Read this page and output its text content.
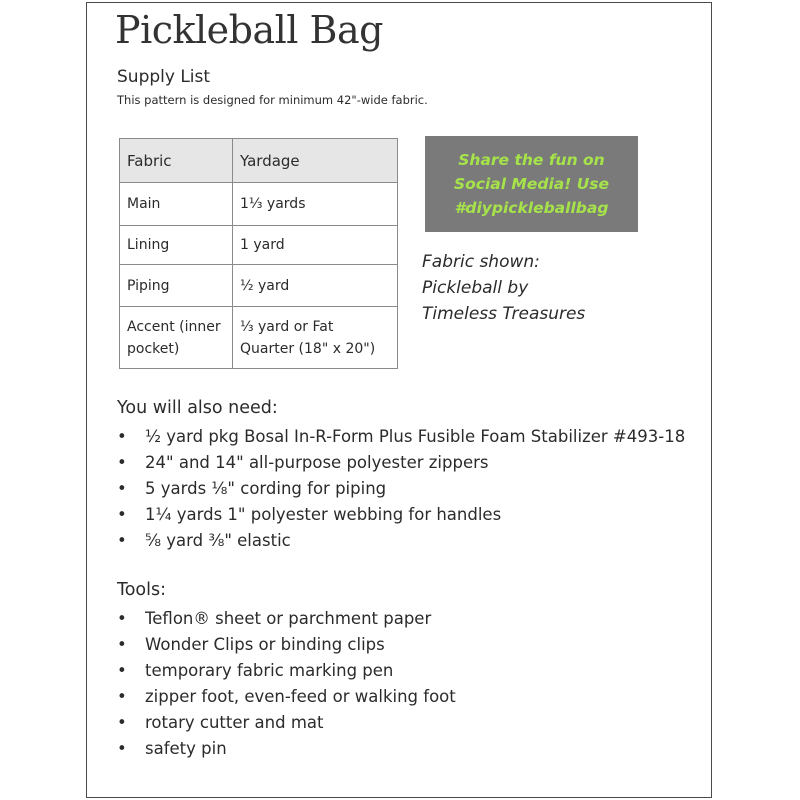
Pickleball Bag
Supply List
This pattern is designed for minimum 42"-wide fabric.
Fabric	Yardage
Main	1⅓ yards
Lining	1 yard
Piping	½ yard
Accent (inner pocket)	⅓ yard or Fat Quarter (18" x 20")
Share the fun on
Social Media! Use
#diypickleballbag
Fabric shown:
Pickleball by
Timeless Treasures
You will also need:
•	½ yard pkg Bosal In-R-Form Plus Fusible Foam Stabilizer #493-18
•	24" and 14" all-purpose polyester zippers
•	5 yards ⅛" cording for piping
•	1¼ yards 1" polyester webbing for handles
•	⅝ yard ⅜" elastic
Tools:
•	Teflon® sheet or parchment paper
•	Wonder Clips or binding clips
•	temporary fabric marking pen
•	zipper foot, even-feed or walking foot
•	rotary cutter and mat
•	safety pin
